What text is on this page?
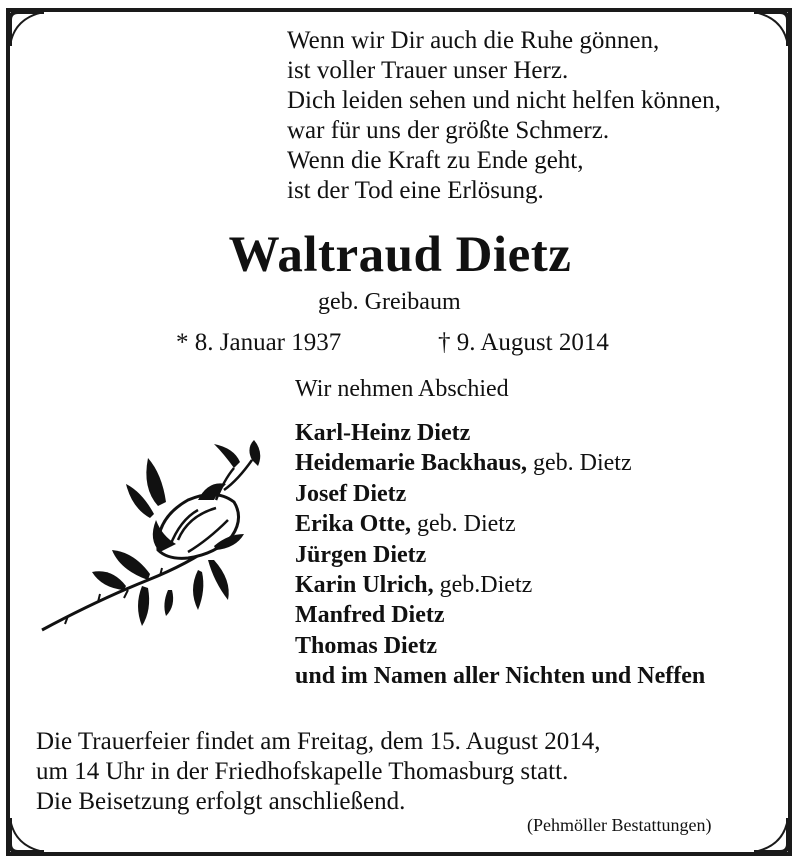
Wenn wir Dir auch die Ruhe gönnen,
ist voller Trauer unser Herz.
Dich leiden sehen und nicht helfen können,
war für uns der größte Schmerz.
Wenn die Kraft zu Ende geht,
ist der Tod eine Erlösung.
Waltraud Dietz
geb. Greibaum
* 8. Januar 1937	† 9. August 2014
Wir nehmen Abschied
Karl-Heinz Dietz
Heidemarie Backhaus, geb. Dietz
Josef Dietz
Erika Otte, geb. Dietz
Jürgen Dietz
Karin Ulrich, geb.Dietz
Manfred Dietz
Thomas Dietz
und im Namen aller Nichten und Neffen
Die Trauerfeier findet am Freitag, dem 15. August 2014,
um 14 Uhr in der Friedhofskapelle Thomasburg statt.
Die Beisetzung erfolgt anschließend.
(Pehmöller Bestattungen)
